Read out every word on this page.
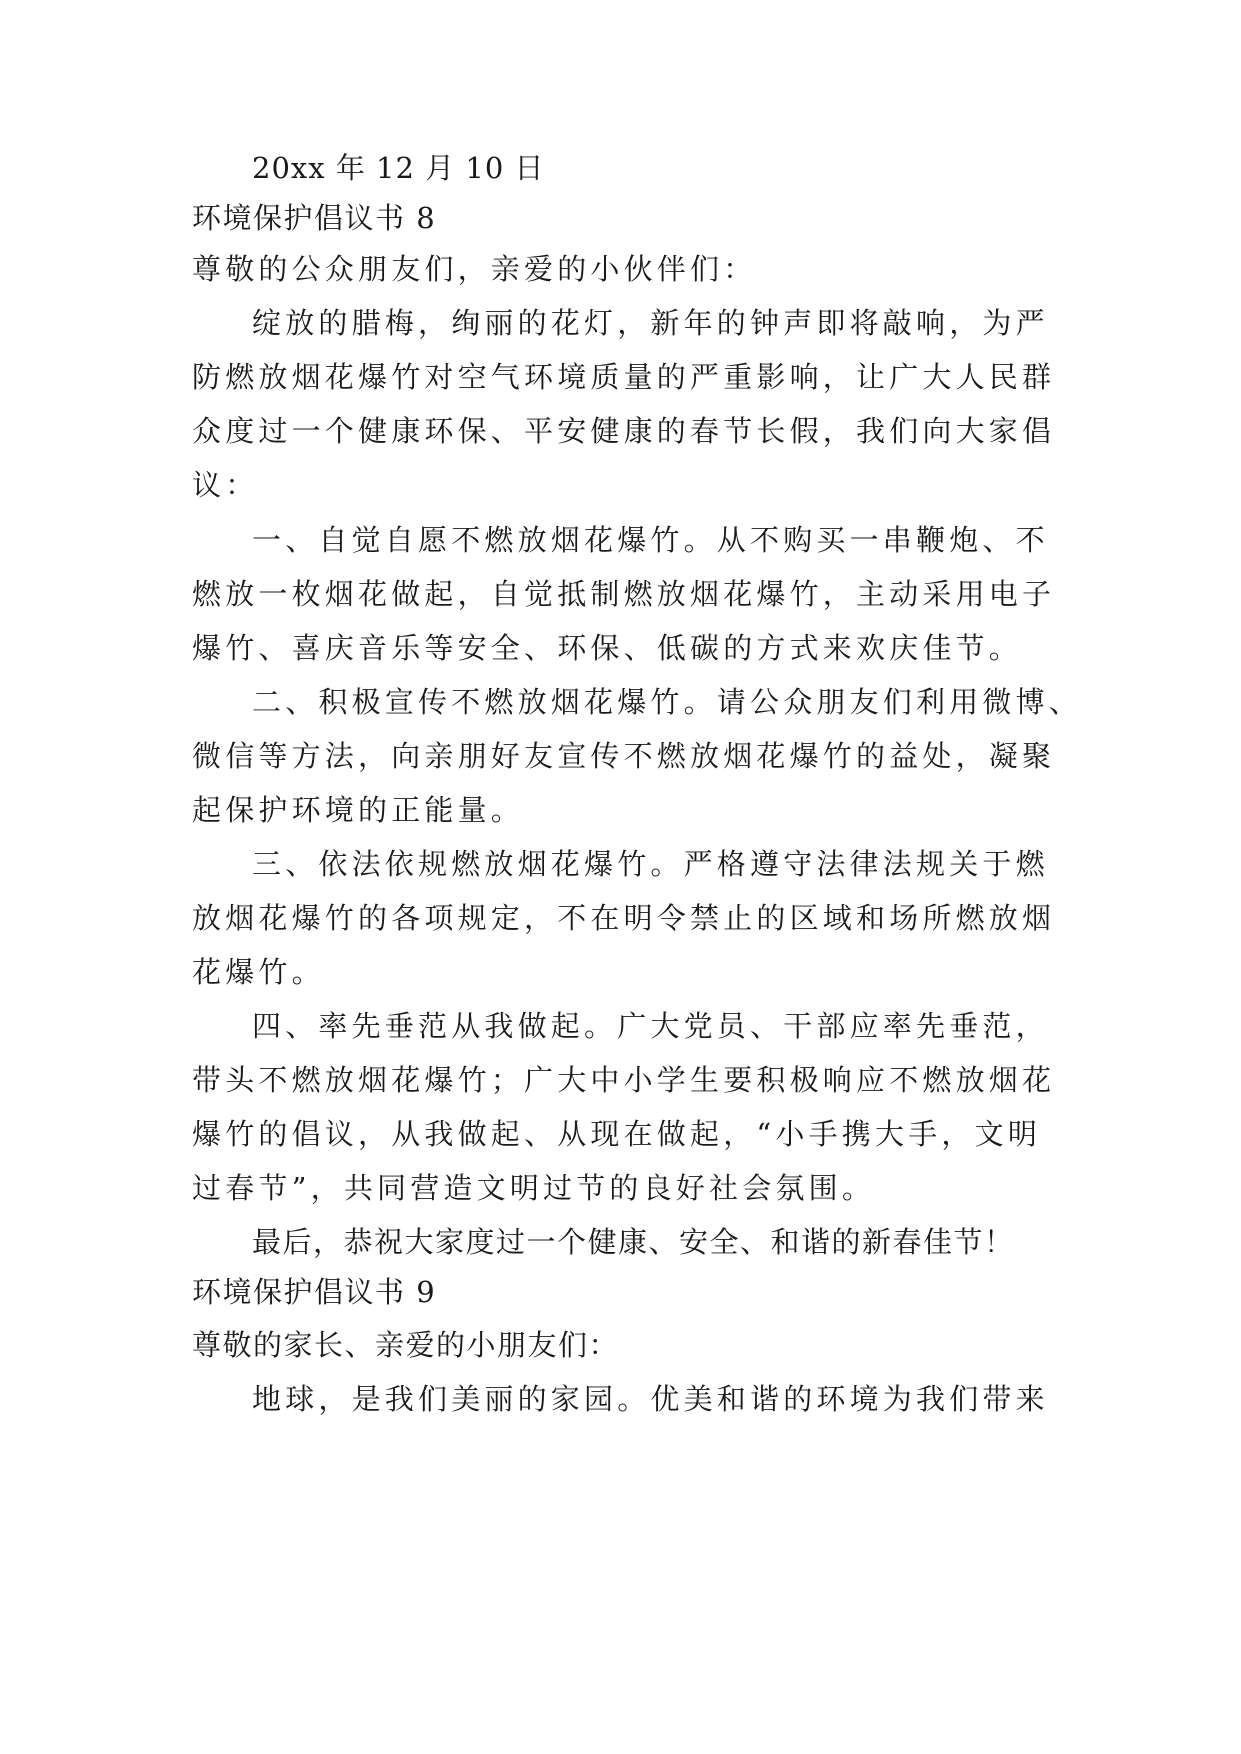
20xx 年 12 月 10 日

环境保护倡议书 8

尊敬的公众朋友们，亲爱的小伙伴们：

绽放的腊梅，绚丽的花灯，新年的钟声即将敲响，为严

防燃放烟花爆竹对空气环境质量的严重影响，让广大人民群

众度过一个健康环保、平安健康的春节长假，我们向大家倡

议：

一、自觉自愿不燃放烟花爆竹。从不购买一串鞭炮、不

燃放一枚烟花做起，自觉抵制燃放烟花爆竹，主动采用电子

爆竹、喜庆音乐等安全、环保、低碳的方式来欢庆佳节。

二、积极宣传不燃放烟花爆竹。请公众朋友们利用微博、

微信等方法，向亲朋好友宣传不燃放烟花爆竹的益处，凝聚

起保护环境的正能量。

三、依法依规燃放烟花爆竹。严格遵守法律法规关于燃

放烟花爆竹的各项规定，不在明令禁止的区域和场所燃放烟

花爆竹。

四、率先垂范从我做起。广大党员、干部应率先垂范，

带头不燃放烟花爆竹；广大中小学生要积极响应不燃放烟花

爆竹的倡议，从我做起、从现在做起，“小手携大手，文明

过春节”，共同营造文明过节的良好社会氛围。

最后，恭祝大家度过一个健康、安全、和谐的新春佳节！

环境保护倡议书 9

尊敬的家长、亲爱的小朋友们：

地球，是我们美丽的家园。优美和谐的环境为我们带来
